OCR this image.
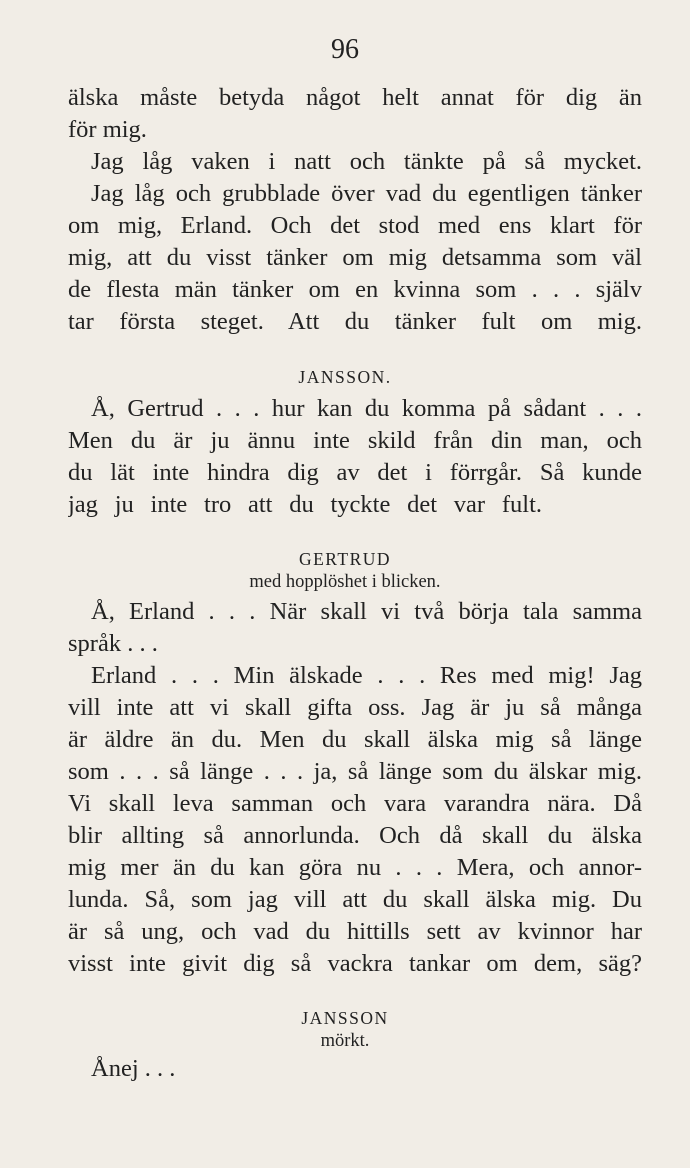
96
älska måste betyda något helt annat för dig än
för mig.
Jag låg vaken i natt och tänkte på så mycket.
Jag låg och grubblade över vad du egentligen tänker
om mig, Erland. Och det stod med ens klart för
mig, att du visst tänker om mig detsamma som väl
de flesta män tänker om en kvinna som . . . själv
tar första steget. Att du tänker fult om mig.
JANSSON.
Å, Gertrud . . . hur kan du komma på sådant . . .
Men du är ju ännu inte skild från din man, och
du lät inte hindra dig av det i förrgår. Så kunde
jag ju inte tro att du tyckte det var fult.
GERTRUD
med hopplöshet i blicken.
Å, Erland . . . När skall vi två börja tala samma
språk . . .
Erland . . . Min älskade . . . Res med mig! Jag
vill inte att vi skall gifta oss. Jag är ju så många
är äldre än du. Men du skall älska mig så länge
som . . . så länge . . . ja, så länge som du älskar mig.
Vi skall leva samman och vara varandra nära. Då
blir allting så annorlunda. Och då skall du älska
mig mer än du kan göra nu . . . Mera, och annor-
lunda. Så, som jag vill att du skall älska mig. Du
är så ung, och vad du hittills sett av kvinnor har
visst inte givit dig så vackra tankar om dem, säg?
JANSSON
mörkt.
Ånej . . .
